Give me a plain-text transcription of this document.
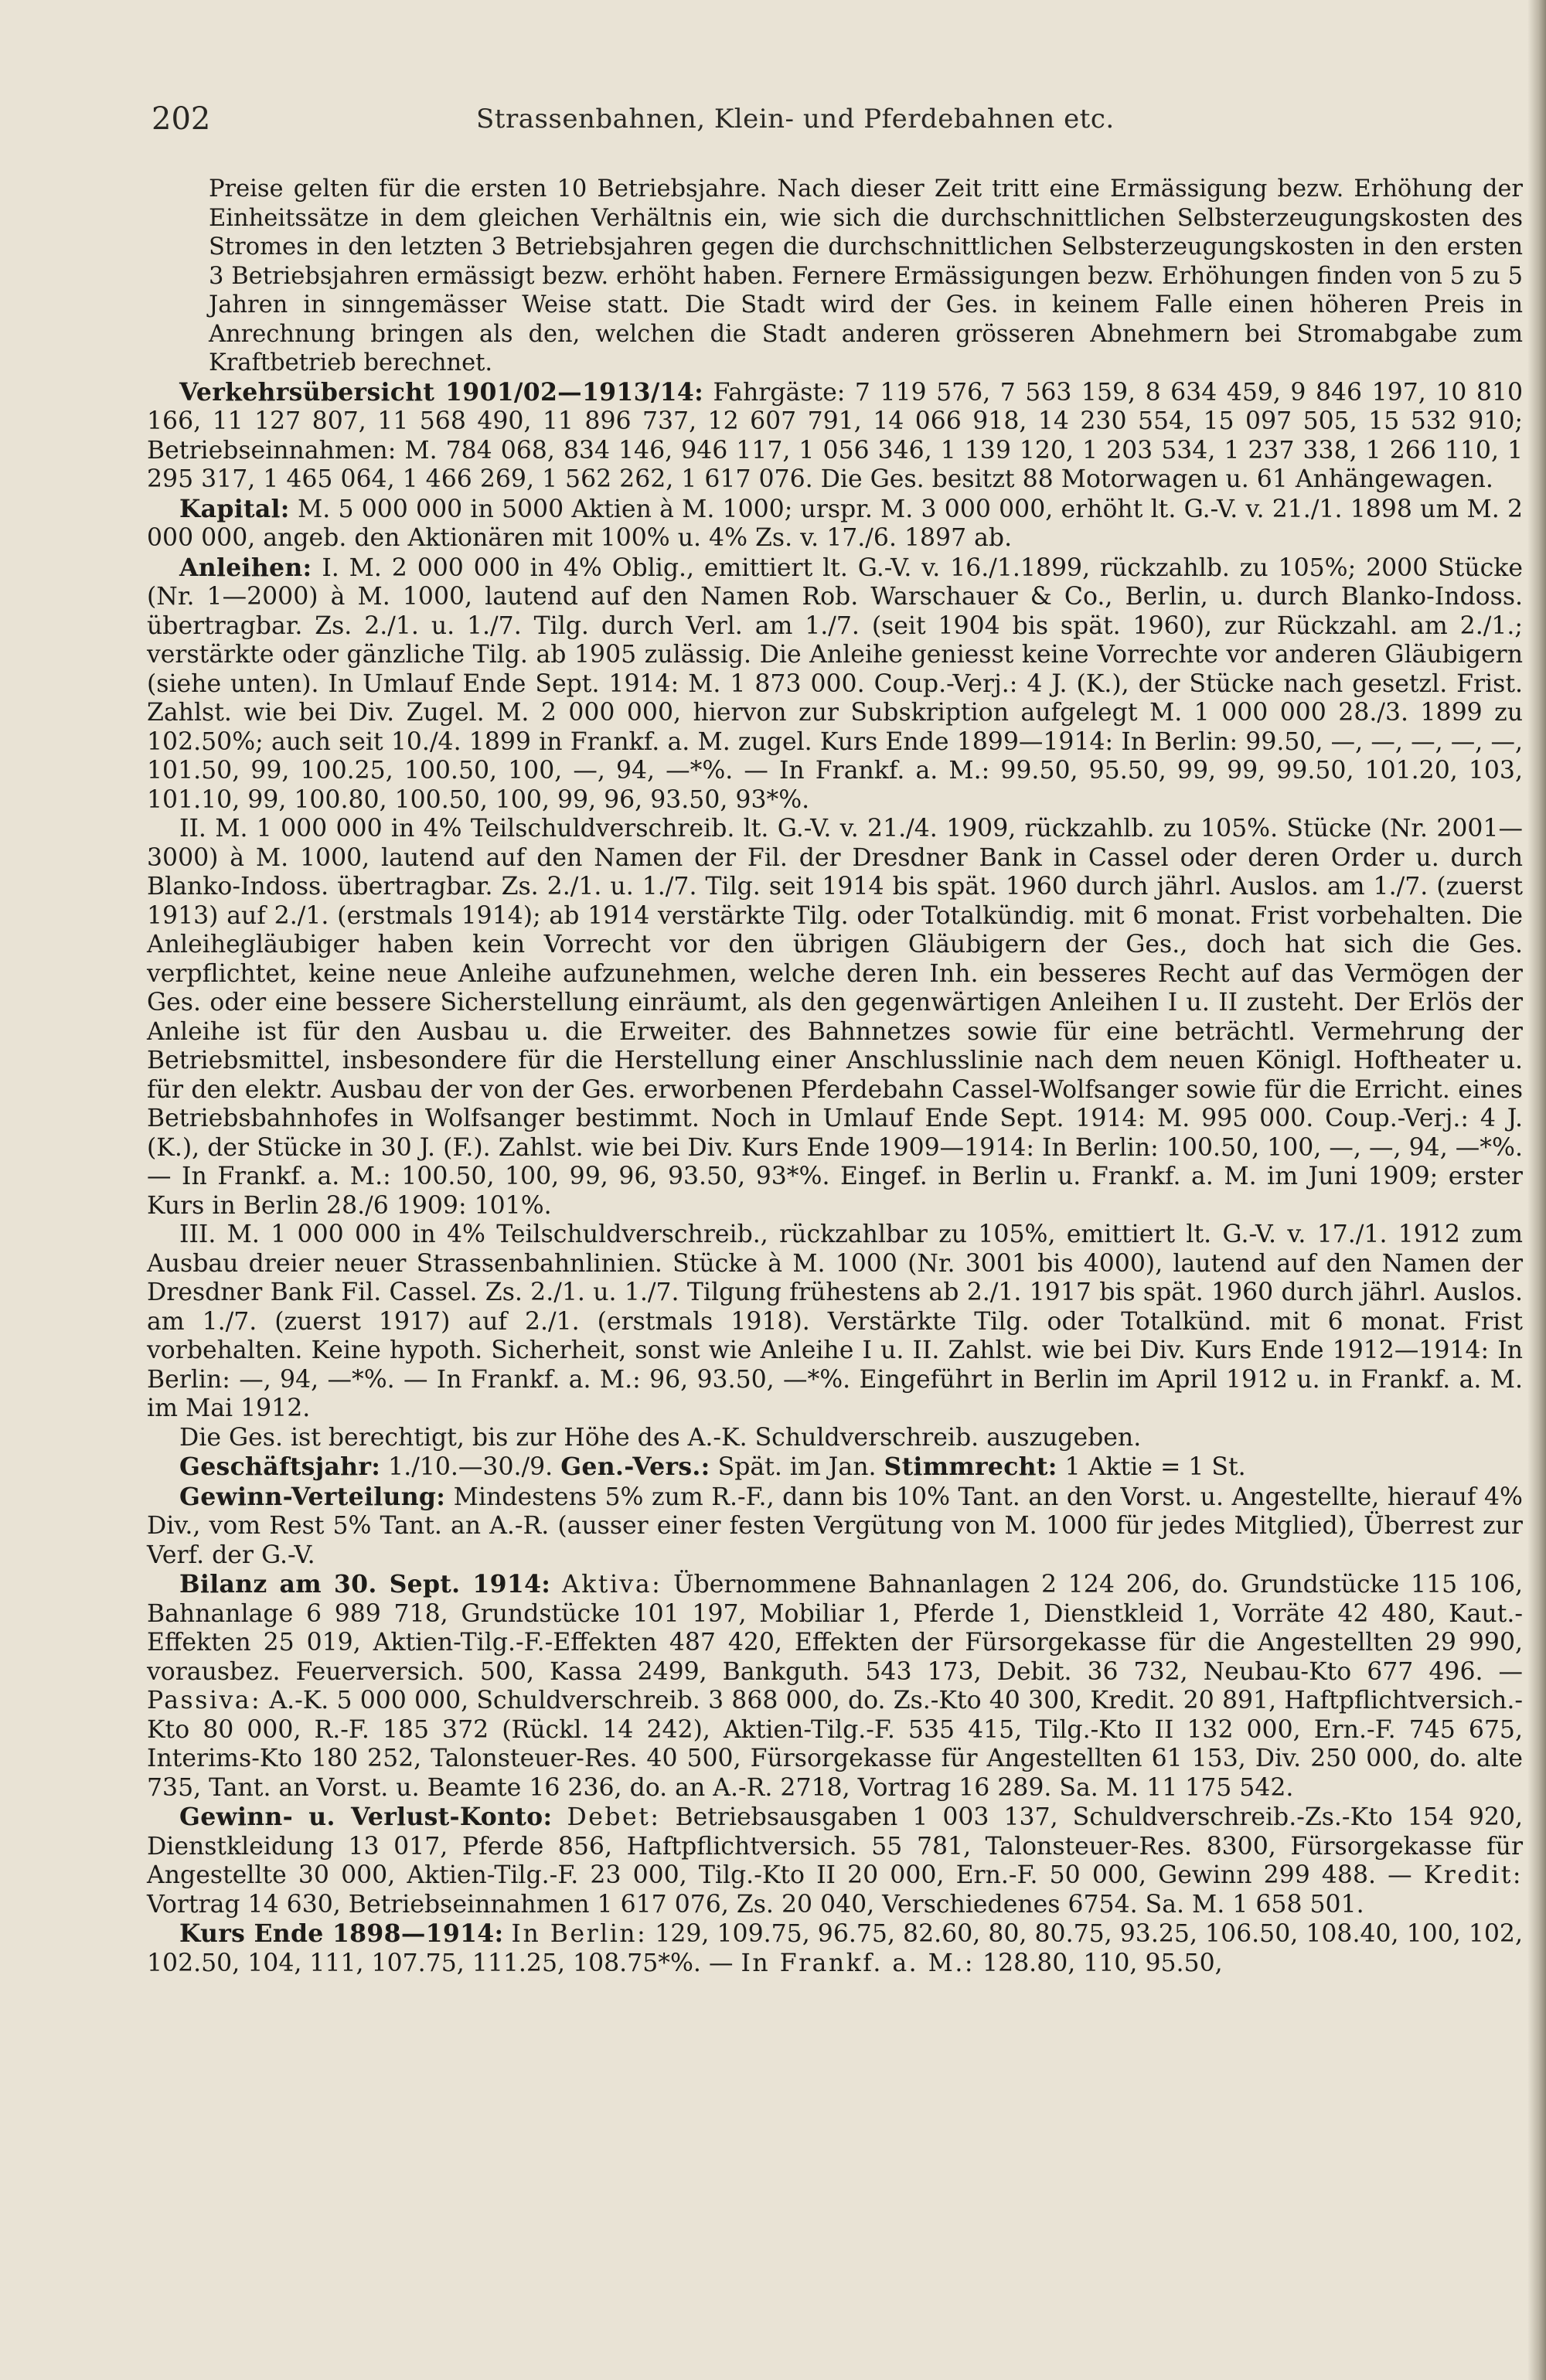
202	Strassenbahnen, Klein- und Pferdebahnen etc.

Preise gelten für die ersten 10 Betriebsjahre. Nach dieser Zeit tritt eine Ermässigung bezw. Erhöhung der Einheitssätze in dem gleichen Verhältnis ein, wie sich die durchschnittlichen Selbsterzeugungskosten des Stromes in den letzten 3 Betriebsjahren gegen die durchschnittlichen Selbsterzeugungskosten in den ersten 3 Betriebsjahren ermässigt bezw. erhöht haben. Fernere Ermässigungen bezw. Erhöhungen finden von 5 zu 5 Jahren in sinngemässer Weise statt. Die Stadt wird der Ges. in keinem Falle einen höheren Preis in Anrechnung bringen als den, welchen die Stadt anderen grösseren Abnehmern bei Stromabgabe zum Kraftbetrieb berechnet.

Verkehrsübersicht 1901/02—1913/14: Fahrgäste: 7 119 576, 7 563 159, 8 634 459, 9 846 197, 10 810 166, 11 127 807, 11 568 490, 11 896 737, 12 607 791, 14 066 918, 14 230 554, 15 097 505, 15 532 910; Betriebseinnahmen: M. 784 068, 834 146, 946 117, 1 056 346, 1 139 120, 1 203 534, 1 237 338, 1 266 110, 1 295 317, 1 465 064, 1 466 269, 1 562 262, 1 617 076. Die Ges. besitzt 88 Motorwagen u. 61 Anhängewagen.

Kapital: M. 5 000 000 in 5000 Aktien à M. 1000; urspr. M. 3 000 000, erhöht lt. G.-V. v. 21./1. 1898 um M. 2 000 000, angeb. den Aktionären mit 100% u. 4% Zs. v. 17./6. 1897 ab.

Anleihen: I. M. 2 000 000 in 4% Oblig., emittiert lt. G.-V. v. 16./1.1899, rückzahlb. zu 105%; 2000 Stücke (Nr. 1—2000) à M. 1000, lautend auf den Namen Rob. Warschauer & Co., Berlin, u. durch Blanko-Indoss. übertragbar. Zs. 2./1. u. 1./7. Tilg. durch Verl. am 1./7. (seit 1904 bis spät. 1960), zur Rückzahl. am 2./1.; verstärkte oder gänzliche Tilg. ab 1905 zulässig. Die Anleihe geniesst keine Vorrechte vor anderen Gläubigern (siehe unten). In Umlauf Ende Sept. 1914: M. 1 873 000. Coup.-Verj.: 4 J. (K.), der Stücke nach gesetzl. Frist. Zahlst. wie bei Div. Zugel. M. 2 000 000, hiervon zur Subskription aufgelegt M. 1 000 000 28./3. 1899 zu 102.50%; auch seit 10./4. 1899 in Frankf. a. M. zugel. Kurs Ende 1899—1914: In Berlin: 99.50, —, —, —, —, —, 101.50, 99, 100.25, 100.50, 100, —, 94, —*%. — In Frankf. a. M.: 99.50, 95.50, 99, 99, 99.50, 101.20, 103, 101.10, 99, 100.80, 100.50, 100, 99, 96, 93.50, 93*%.

II. M. 1 000 000 in 4% Teilschuldverschreib. lt. G.-V. v. 21./4. 1909, rückzahlb. zu 105%. Stücke (Nr. 2001—3000) à M. 1000, lautend auf den Namen der Fil. der Dresdner Bank in Cassel oder deren Order u. durch Blanko-Indoss. übertragbar. Zs. 2./1. u. 1./7. Tilg. seit 1914 bis spät. 1960 durch jährl. Auslos. am 1./7. (zuerst 1913) auf 2./1. (erstmals 1914); ab 1914 verstärkte Tilg. oder Totalkündig. mit 6 monat. Frist vorbehalten. Die Anleihegläubiger haben kein Vorrecht vor den übrigen Gläubigern der Ges., doch hat sich die Ges. verpflichtet, keine neue Anleihe aufzunehmen, welche deren Inh. ein besseres Recht auf das Vermögen der Ges. oder eine bessere Sicherstellung einräumt, als den gegenwärtigen Anleihen I u. II zusteht. Der Erlös der Anleihe ist für den Ausbau u. die Erweiter. des Bahnnetzes sowie für eine beträchtl. Vermehrung der Betriebsmittel, insbesondere für die Herstellung einer Anschlusslinie nach dem neuen Königl. Hoftheater u. für den elektr. Ausbau der von der Ges. erworbenen Pferdebahn Cassel-Wolfsanger sowie für die Erricht. eines Betriebsbahnhofes in Wolfsanger bestimmt. Noch in Umlauf Ende Sept. 1914: M. 995 000. Coup.-Verj.: 4 J. (K.), der Stücke in 30 J. (F.). Zahlst. wie bei Div. Kurs Ende 1909—1914: In Berlin: 100.50, 100, —, —, 94, —*%. — In Frankf. a. M.: 100.50, 100, 99, 96, 93.50, 93*%. Eingef. in Berlin u. Frankf. a. M. im Juni 1909; erster Kurs in Berlin 28./6 1909: 101%.

III. M. 1 000 000 in 4% Teilschuldverschreib., rückzahlbar zu 105%, emittiert lt. G.-V. v. 17./1. 1912 zum Ausbau dreier neuer Strassenbahnlinien. Stücke à M. 1000 (Nr. 3001 bis 4000), lautend auf den Namen der Dresdner Bank Fil. Cassel. Zs. 2./1. u. 1./7. Tilgung frühestens ab 2./1. 1917 bis spät. 1960 durch jährl. Auslos. am 1./7. (zuerst 1917) auf 2./1. (erstmals 1918). Verstärkte Tilg. oder Totalkünd. mit 6 monat. Frist vorbehalten. Keine hypoth. Sicherheit, sonst wie Anleihe I u. II. Zahlst. wie bei Div. Kurs Ende 1912—1914: In Berlin: —, 94, —*%. — In Frankf. a. M.: 96, 93.50, —*%. Eingeführt in Berlin im April 1912 u. in Frankf. a. M. im Mai 1912.

Die Ges. ist berechtigt, bis zur Höhe des A.-K. Schuldverschreib. auszugeben.

Geschäftsjahr: 1./10.—30./9. Gen.-Vers.: Spät. im Jan. Stimmrecht: 1 Aktie = 1 St.

Gewinn-Verteilung: Mindestens 5% zum R.-F., dann bis 10% Tant. an den Vorst. u. Angestellte, hierauf 4% Div., vom Rest 5% Tant. an A.-R. (ausser einer festen Vergütung von M. 1000 für jedes Mitglied), Überrest zur Verf. der G.-V.

Bilanz am 30. Sept. 1914: Aktiva: Übernommene Bahnanlagen 2 124 206, do. Grundstücke 115 106, Bahnanlage 6 989 718, Grundstücke 101 197, Mobiliar 1, Pferde 1, Dienstkleid 1, Vorräte 42 480, Kaut.-Effekten 25 019, Aktien-Tilg.-F.-Effekten 487 420, Effekten der Fürsorgekasse für die Angestellten 29 990, vorausbez. Feuerversich. 500, Kassa 2499, Bankguth. 543 173, Debit. 36 732, Neubau-Kto 677 496. — Passiva: A.-K. 5 000 000, Schuldverschreib. 3 868 000, do. Zs.-Kto 40 300, Kredit. 20 891, Haftpflichtversich.-Kto 80 000, R.-F. 185 372 (Rückl. 14 242), Aktien-Tilg.-F. 535 415, Tilg.-Kto II 132 000, Ern.-F. 745 675, Interims-Kto 180 252, Talonsteuer-Res. 40 500, Fürsorgekasse für Angestellten 61 153, Div. 250 000, do. alte 735, Tant. an Vorst. u. Beamte 16 236, do. an A.-R. 2718, Vortrag 16 289. Sa. M. 11 175 542.

Gewinn- u. Verlust-Konto: Debet: Betriebsausgaben 1 003 137, Schuldverschreib.-Zs.-Kto 154 920, Dienstkleidung 13 017, Pferde 856, Haftpflichtversich. 55 781, Talonsteuer-Res. 8300, Fürsorgekasse für Angestellte 30 000, Aktien-Tilg.-F. 23 000, Tilg.-Kto II 20 000, Ern.-F. 50 000, Gewinn 299 488. — Kredit: Vortrag 14 630, Betriebseinnahmen 1 617 076, Zs. 20 040, Verschiedenes 6754. Sa. M. 1 658 501.

Kurs Ende 1898—1914: In Berlin: 129, 109.75, 96.75, 82.60, 80, 80.75, 93.25, 106.50, 108.40, 100, 102, 102.50, 104, 111, 107.75, 111.25, 108.75*%. — In Frankf. a. M.: 128.80, 110, 95.50,
